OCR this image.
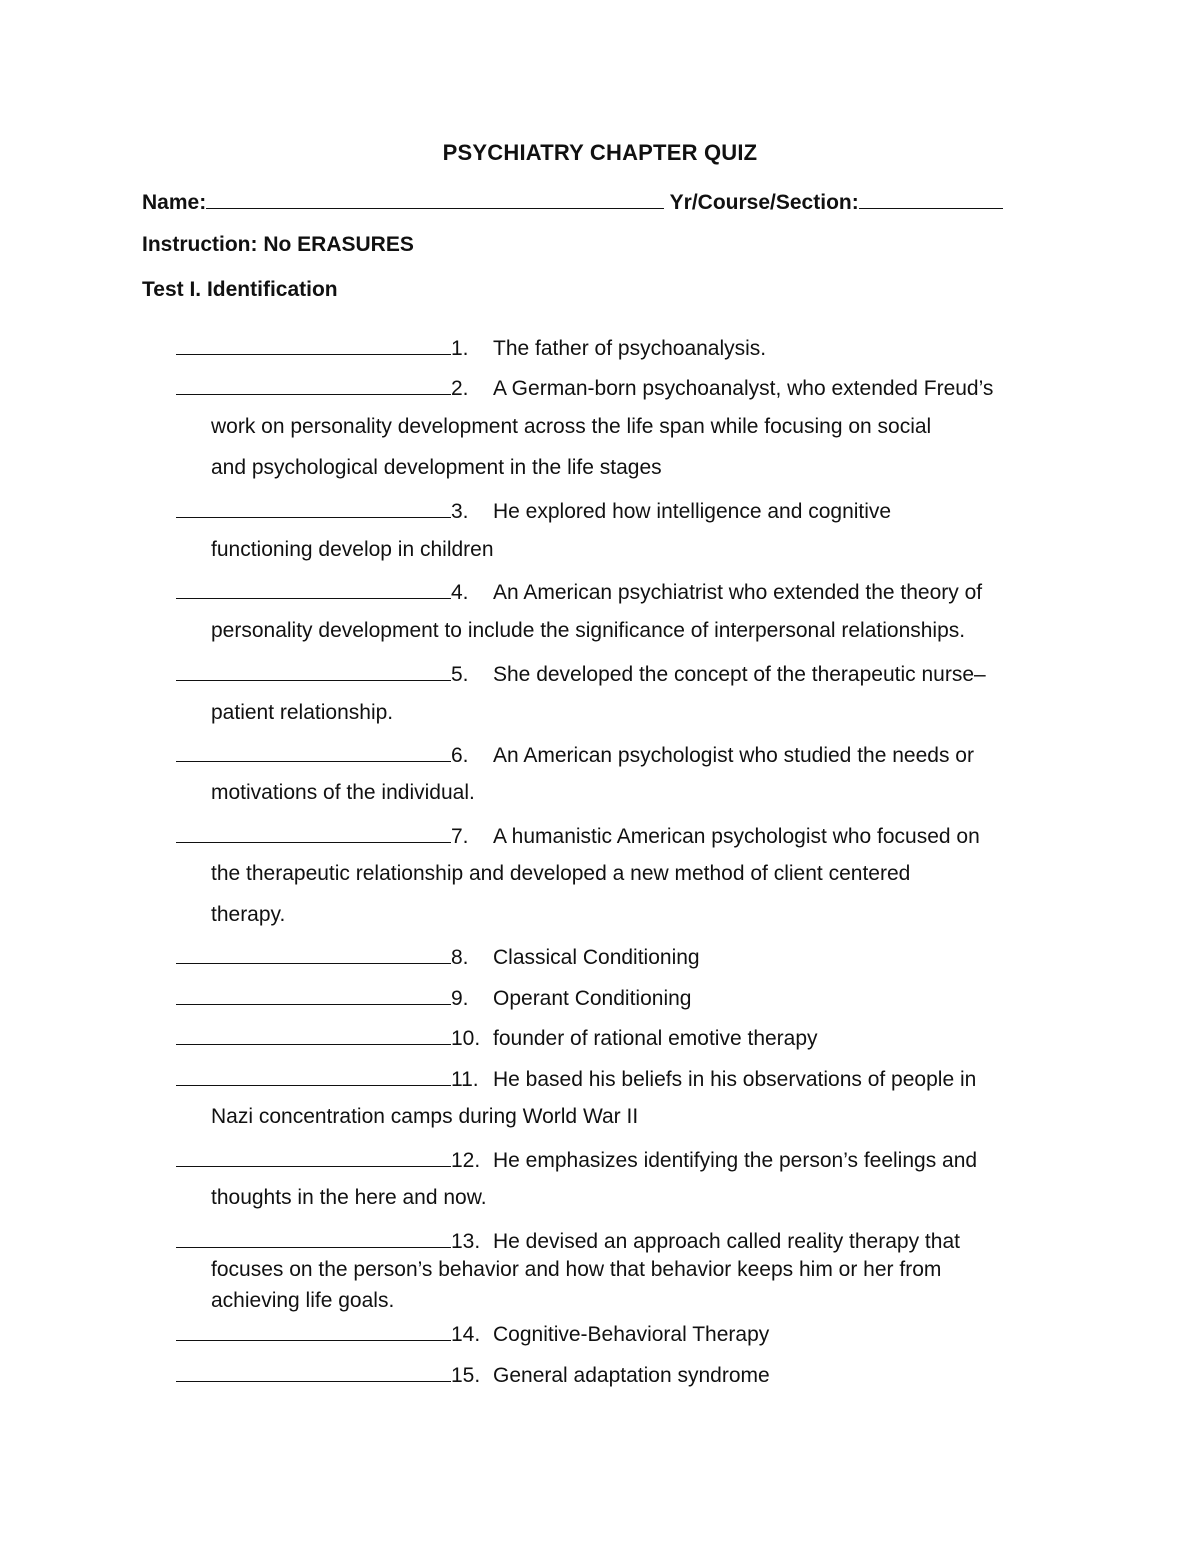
PSYCHIATRY CHAPTER QUIZ
Name:	Yr/Course/Section:
Instruction: No ERASURES
Test I. Identification
1. The father of psychoanalysis.
2. A German-born psychoanalyst, who extended Freud’s
work on personality development across the life span while focusing on social
and psychological development in the life stages
3. He explored how intelligence and cognitive
functioning develop in children
4. An American psychiatrist who extended the theory of
personality development to include the significance of interpersonal relationships.
5. She developed the concept of the therapeutic nurse–
patient relationship.
6. An American psychologist who studied the needs or
motivations of the individual.
7. A humanistic American psychologist who focused on
the therapeutic relationship and developed a new method of client centered
therapy.
8. Classical Conditioning
9. Operant Conditioning
10. founder of rational emotive therapy
11. He based his beliefs in his observations of people in
Nazi concentration camps during World War II
12. He emphasizes identifying the person’s feelings and
thoughts in the here and now.
13. He devised an approach called reality therapy that
focuses on the person’s behavior and how that behavior keeps him or her from
achieving life goals.
14. Cognitive-Behavioral Therapy
15. General adaptation syndrome
